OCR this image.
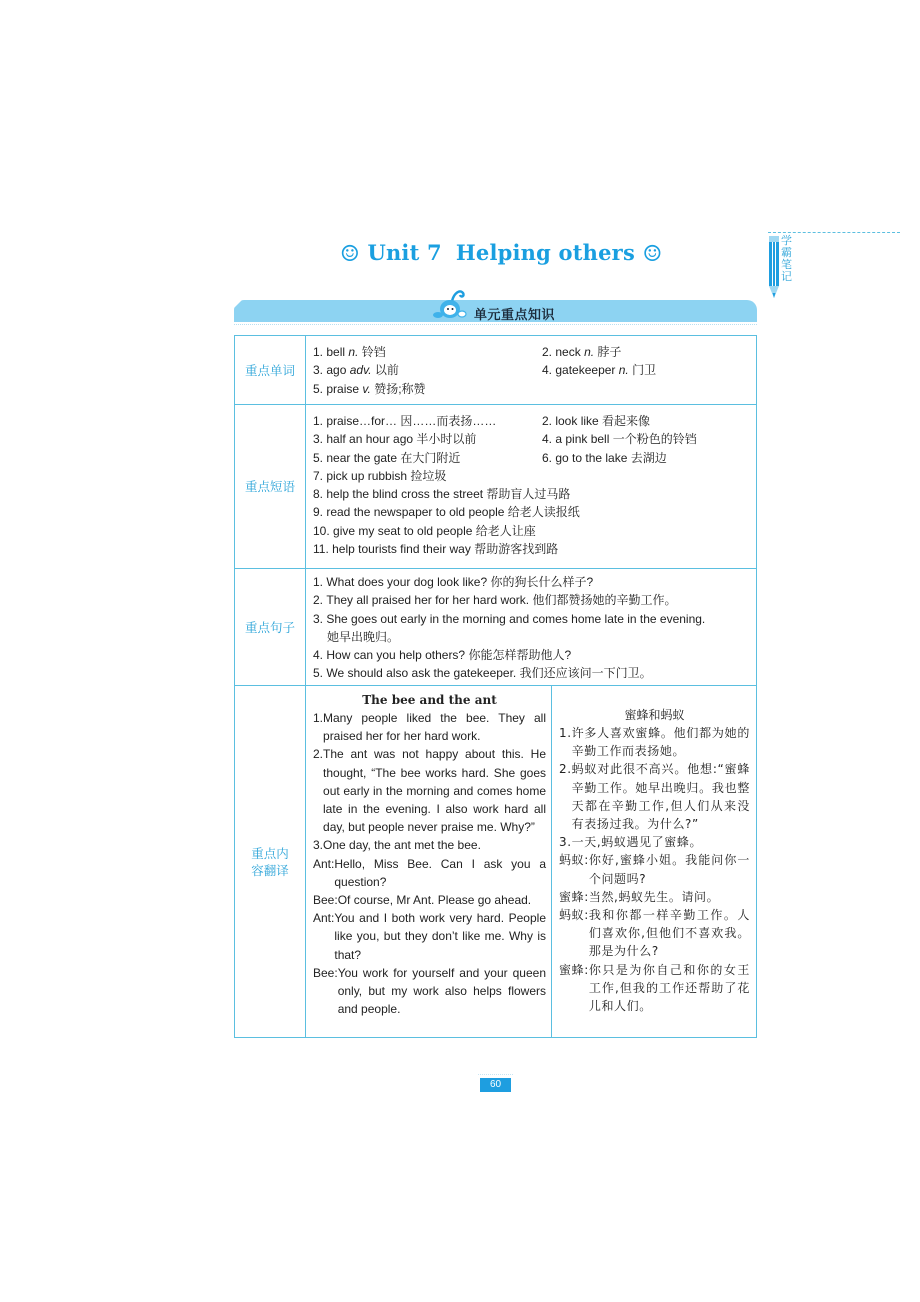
学
霸
笔
记
☺ Unit 7 Helping others ☺
单元重点知识
重点单词
1. bell n. 铃铛	2. neck n. 脖子
3. ago adv. 以前	4. gatekeeper n. 门卫
5. praise v. 赞扬;称赞
重点短语
1. praise…for… 因……而表扬……	2. look like 看起来像
3. half an hour ago 半小时以前	4. a pink bell 一个粉色的铃铛
5. near the gate 在大门附近	6. go to the lake 去湖边
7. pick up rubbish 捡垃圾
8. help the blind cross the street 帮助盲人过马路
9. read the newspaper to old people 给老人读报纸
10. give my seat to old people 给老人让座
11. help tourists find their way 帮助游客找到路
重点句子
1.
What does your dog look like? 你的狗长什么样子?
2.
They all praised her for her hard work. 他们都赞扬她的辛勤工作。
3.
She goes out early in the morning and comes home late in the evening.
她早出晚归。
4.
How can you help others? 你能怎样帮助他人?
5.
We should also ask the gatekeeper. 我们还应该问一下门卫。
重点内
容翻译
The bee and the ant
1. Many people liked the bee. They all praised her for her hard work.
2. The ant was not happy about this. He thought, “The bee works hard. She goes out early in the morning and comes home late in the evening. I also work hard all day, but people never praise me. Why?”
3. One day, the ant met the bee.
Ant: Hello, Miss Bee. Can I ask you a question?
Bee: Of course, Mr Ant. Please go ahead.
Ant: You and I both work very hard. People like you, but they don’t like me. Why is that?
Bee: You work for yourself and your queen only, but my work also helps flowers and people.
蜜蜂和蚂蚁
1. 许多人喜欢蜜蜂。他们都为她的辛勤工作而表扬她。
2. 蚂蚁对此很不高兴。他想:“蜜蜂辛勤工作。她早出晚归。我也整天都在辛勤工作,但人们从来没有表扬过我。为什么?”
3. 一天,蚂蚁遇见了蜜蜂。
蚂蚁: 你好,蜜蜂小姐。我能问你一个问题吗?
蜜蜂: 当然,蚂蚁先生。请问。
蚂蚁: 我和你都一样辛勤工作。人们喜欢你,但他们不喜欢我。那是为什么?
蜜蜂: 你只是为你自己和你的女王工作,但我的工作还帮助了花儿和人们。
60
